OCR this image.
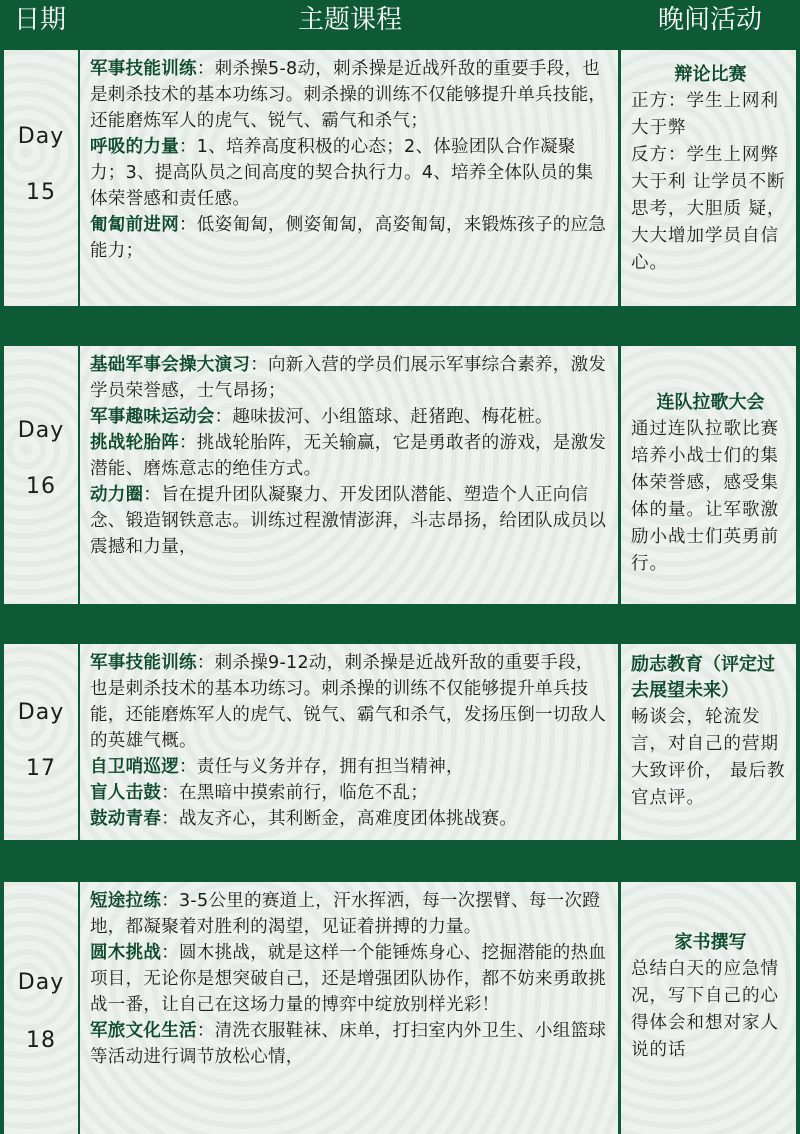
日期	主题课程	晚间活动
Day
15
军事技能训练：刺杀操5-8动，刺杀操是近战歼敌的重要手段，也是刺杀技术的基本功练习。刺杀操的训练不仅能够提升单兵技能，还能磨炼军人的虎气、锐气、霸气和杀气；
呼吸的力量：1、培养高度积极的心态；2、体验团队合作凝聚力；3、提高队员之间高度的契合执行力。4、培养全体队员的集体荣誉感和责任感。
匍匐前进网：低姿匍匐，侧姿匍匐，高姿匍匐，来锻炼孩子的应急能力；
辩论比赛
正方：学生上网利大于弊
反方：学生上网弊大于利 让学员不断思考，大胆质 疑，大大增加学员自信心。
Day
16
基础军事会操大演习：向新入营的学员们展示军事综合素养，激发学员荣誉感，士气昂扬；
军事趣味运动会：趣味拔河、小组篮球、赶猪跑、梅花桩。
挑战轮胎阵：挑战轮胎阵，无关输赢，它是勇敢者的游戏，是激发潜能、磨炼意志的绝佳方式。
动力圈：旨在提升团队凝聚力、开发团队潜能、塑造个人正向信念、锻造钢铁意志。训练过程激情澎湃，斗志昂扬，给团队成员以震撼和力量，
连队拉歌大会
通过连队拉歌比赛培养小战士们的集体荣誉感，感受集体的量。让军歌激励小战士们英勇前行。
Day
17
军事技能训练：刺杀操9-12动，刺杀操是近战歼敌的重要手段，也是刺杀技术的基本功练习。刺杀操的训练不仅能够提升单兵技能，还能磨炼军人的虎气、锐气、霸气和杀气，发扬压倒一切敌人的英雄气概。
自卫哨巡逻：责任与义务并存，拥有担当精神，
盲人击鼓：在黑暗中摸索前行，临危不乱；
鼓动青春：战友齐心，其利断金，高难度团体挑战赛。
励志教育（评定过去展望未来）
畅谈会，轮流发言，对自己的营期大致评价， 最后教官点评。
Day
18
短途拉练：3-5公里的赛道上，汗水挥洒，每一次摆臂、每一次蹬地，都凝聚着对胜利的渴望，见证着拼搏的力量。
圆木挑战：圆木挑战，就是这样一个能锤炼身心、挖掘潜能的热血项目，无论你是想突破自己，还是增强团队协作，都不妨来勇敢挑战一番，让自己在这场力量的博弈中绽放别样光彩！
军旅文化生活：清洗衣服鞋袜、床单，打扫室内外卫生、小组篮球等活动进行调节放松心情，
家书撰写
总结白天的应急情况，写下自己的心得体会和想对家人说的话
